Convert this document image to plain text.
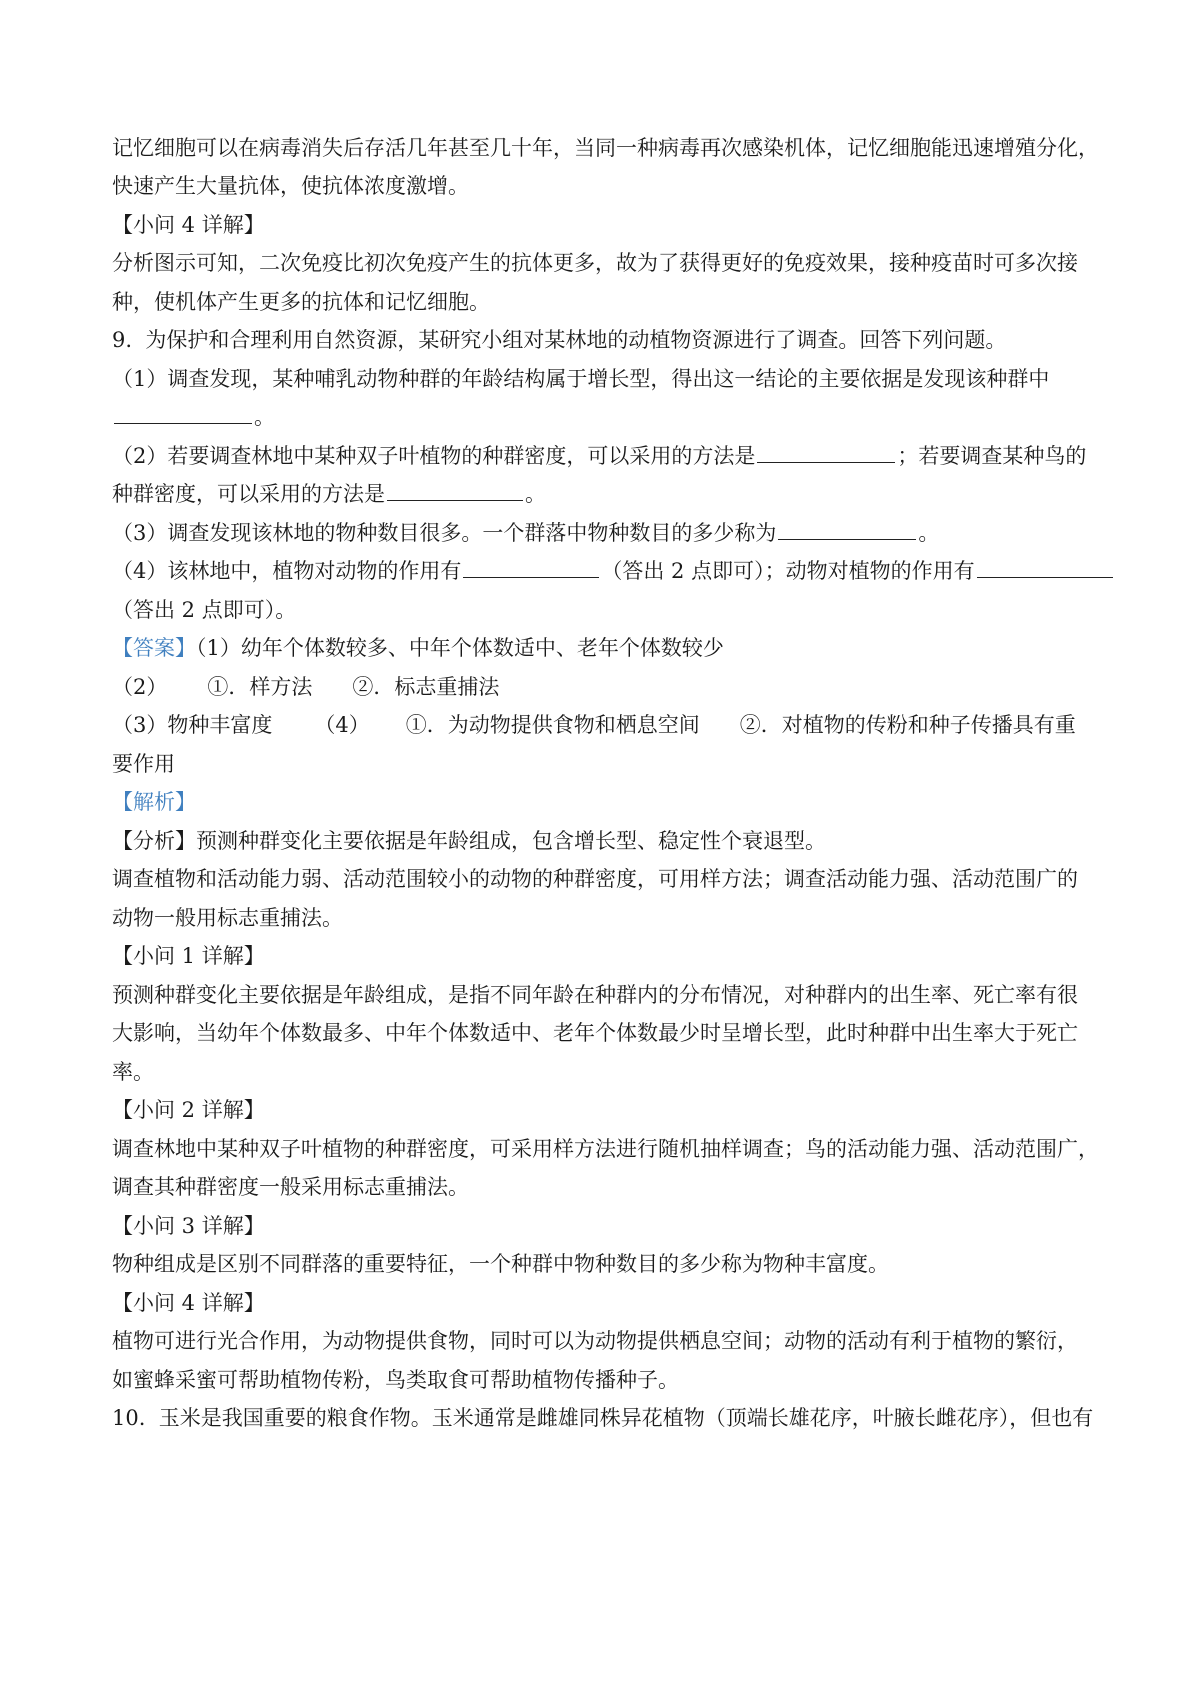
记忆细胞可以在病毒消失后存活几年甚至几十年，当同一种病毒再次感染机体，记忆细胞能迅速增殖分化，
快速产生大量抗体，使抗体浓度激增。
【小问 4 详解】
分析图示可知，二次免疫比初次免疫产生的抗体更多，故为了获得更好的免疫效果，接种疫苗时可多次接
种，使机体产生更多的抗体和记忆细胞。
9.  为保护和合理利用自然资源，某研究小组对某林地的动植物资源进行了调查。回答下列问题。
（1）调查发现，某种哺乳动物种群的年龄结构属于增长型，得出这一结论的主要依据是发现该种群中
。
（2）若要调查林地中某种双子叶植物的种群密度，可以采用的方法是	；若要调查某种鸟的
种群密度，可以采用的方法是	。
（3）调查发现该林地的物种数目很多。一个群落中物种数目的多少称为	。
（4）该林地中，植物对动物的作用有	（答出 2 点即可）；动物对植物的作用有
（答出 2 点即可）。
【答案】（1）幼年个体数较多、中年个体数适中、老年个体数较少
（2） ①．样方法 ②．标志重捕法
（3）物种丰富度 （4） ①．为动物提供食物和栖息空间 ②．对植物的传粉和种子传播具有重
要作用
【解析】
【分析】预测种群变化主要依据是年龄组成，包含增长型、稳定性个衰退型。
调查植物和活动能力弱、活动范围较小的动物的种群密度，可用样方法；调查活动能力强、活动范围广的
动物一般用标志重捕法。
【小问 1 详解】
预测种群变化主要依据是年龄组成，是指不同年龄在种群内的分布情况，对种群内的出生率、死亡率有很
大影响，当幼年个体数最多、中年个体数适中、老年个体数最少时呈增长型，此时种群中出生率大于死亡
率。
【小问 2 详解】
调查林地中某种双子叶植物的种群密度，可采用样方法进行随机抽样调查；鸟的活动能力强、活动范围广，
调查其种群密度一般采用标志重捕法。
【小问 3 详解】
物种组成是区别不同群落的重要特征，一个种群中物种数目的多少称为物种丰富度。
【小问 4 详解】
植物可进行光合作用，为动物提供食物，同时可以为动物提供栖息空间；动物的活动有利于植物的繁衍，
如蜜蜂采蜜可帮助植物传粉，鸟类取食可帮助植物传播种子。
10.  玉米是我国重要的粮食作物。玉米通常是雌雄同株异花植物（顶端长雄花序，叶腋长雌花序），但也有
